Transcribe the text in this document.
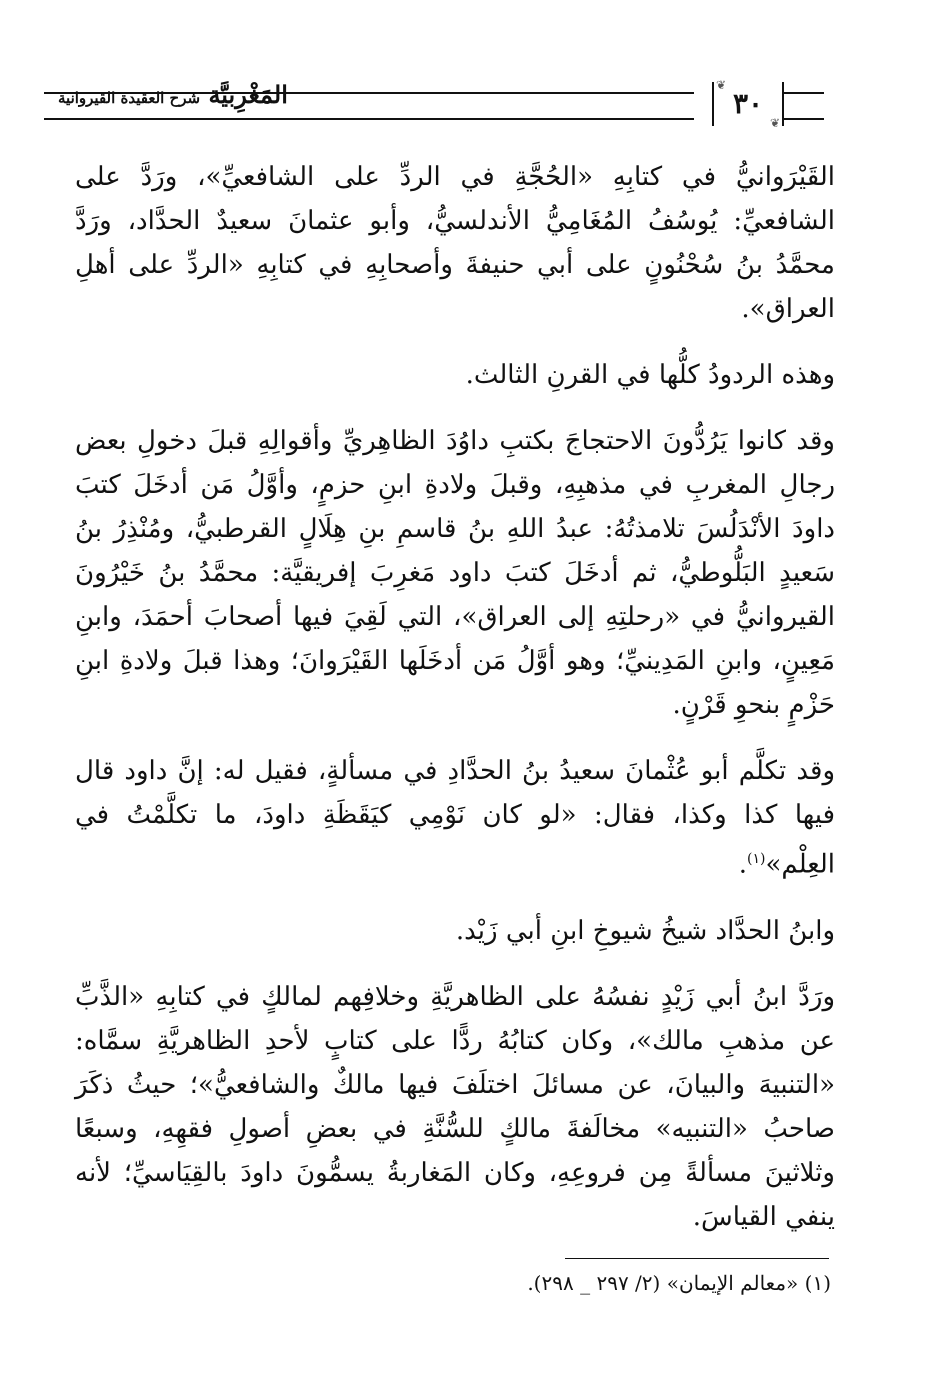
المَغْرِبيَّة شرح العقيدة القيروانية
❦
٣٠
❦

القَيْرَوانيُّ في كتابِهِ «الحُجَّةِ في الردِّ على الشافعيِّ»، ورَدَّ على الشافعيِّ: يُوسُفُ المُغَامِيُّ الأندلسيُّ، وأبو عثمانَ سعيدٌ الحدَّاد، ورَدَّ محمَّدُ بنُ سُحْنُونٍ على أبي حنيفةَ وأصحابِهِ في كتابِهِ «الردِّ على أهلِ العراق».

وهذه الردودُ كلُّها في القرنِ الثالث.

وقد كانوا يَرُدُّونَ الاحتجاجَ بكتبِ داوُدَ الظاهِريِّ وأقوالِهِ قبلَ دخولِ بعض رجالِ المغربِ في مذهبِهِ، وقبلَ ولادةِ ابنِ حزمٍ، وأوَّلُ مَن أدخَلَ كتبَ داودَ الأنْدَلُسَ تلامذتُهُ: عبدُ اللهِ بنُ قاسمِ بنِ هِلَالٍ القرطبيُّ، ومُنْذِرُ بنُ سَعيدٍ البَلُّوطيُّ، ثم أدخَلَ كتبَ داود مَغرِبَ إفريقيَّة: محمَّدُ بنُ خَيْرُونَ القيروانيُّ في «رحلتِهِ إلى العراق»، التي لَقِيَ فيها أصحابَ أحمَدَ، وابنِ مَعِينٍ، وابنِ المَدِينيِّ؛ وهو أوَّلُ مَن أدخَلَها القَيْرَوانَ؛ وهذا قبلَ ولادةِ ابنِ حَزْمٍ بنحوِ قَرْنٍ.

وقد تكلَّم أبو عُثْمانَ سعيدُ بنُ الحدَّادِ في مسألةٍ، فقيل له: إنَّ داود قال فيها كذا وكذا، فقال: «لو كان نَوْمِي كيَقَظَةِ داودَ، ما تكلَّمْتُ في العِلْم»$^{(١)}$.

وابنُ الحدَّاد شيخُ شيوخِ ابنِ أبي زَيْد.

ورَدَّ ابنُ أبي زَيْدٍ نفسُهُ على الظاهريَّةِ وخلافِهم لمالكٍ في كتابِهِ «الذَّبِّ عن مذهبِ مالك»، وكان كتابُهُ ردًّا على كتابٍ لأحدِ الظاهريَّةِ سمَّاه: «التنبيهَ والبيانَ، عن مسائلَ اختلَفَ فيها مالكٌ والشافعيُّ»؛ حيثُ ذكَرَ صاحبُ «التنبيه» مخالَفةَ مالكٍ للسُّنَّةِ في بعضِ أصولِ فقهِهِ، وسبعًا وثلاثينَ مسألةً مِن فروعِهِ، وكان المَغاربةُ يسمُّونَ داودَ بالقِيَاسيِّ؛ لأنه ينفي القياسَ.

(١) «معالم الإيمان» (٢/ ٢٩٧ _ ٢٩٨).
